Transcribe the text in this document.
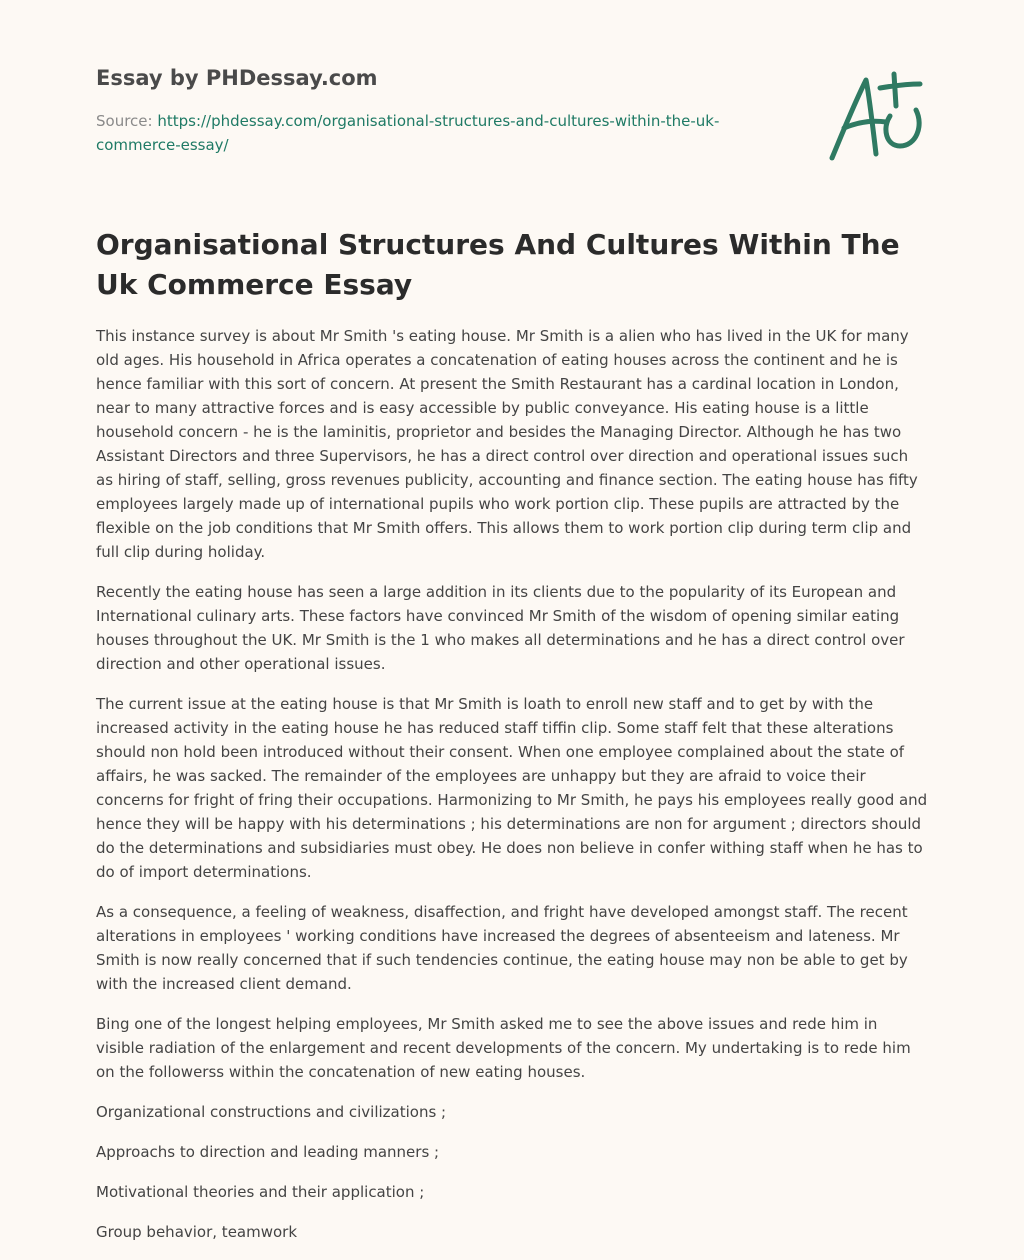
Essay by PHDessay.com
Source: https://phdessay.com/organisational-structures-and-cultures-within-the-uk-commerce-essay/
Organisational Structures And Cultures Within The Uk Commerce Essay

This instance survey is about Mr Smith 's eating house. Mr Smith is a alien who has lived in the UK for many old ages. His household in Africa operates a concatenation of eating houses across the continent and he is hence familiar with this sort of concern. At present the Smith Restaurant has a cardinal location in London, near to many attractive forces and is easy accessible by public conveyance. His eating house is a little household concern - he is the laminitis, proprietor and besides the Managing Director. Although he has two Assistant Directors and three Supervisors, he has a direct control over direction and operational issues such as hiring of staff, selling, gross revenues publicity, accounting and finance section. The eating house has fifty employees largely made up of international pupils who work portion clip. These pupils are attracted by the flexible on the job conditions that Mr Smith offers. This allows them to work portion clip during term clip and full clip during holiday.

Recently the eating house has seen a large addition in its clients due to the popularity of its European and International culinary arts. These factors have convinced Mr Smith of the wisdom of opening similar eating houses throughout the UK. Mr Smith is the 1 who makes all determinations and he has a direct control over direction and other operational issues.

The current issue at the eating house is that Mr Smith is loath to enroll new staff and to get by with the increased activity in the eating house he has reduced staff tiffin clip. Some staff felt that these alterations should non hold been introduced without their consent. When one employee complained about the state of affairs, he was sacked. The remainder of the employees are unhappy but they are afraid to voice their concerns for fright of fring their occupations. Harmonizing to Mr Smith, he pays his employees really good and hence they will be happy with his determinations ; his determinations are non for argument ; directors should do the determinations and subsidiaries must obey. He does non believe in confer withing staff when he has to do of import determinations.

As a consequence, a feeling of weakness, disaffection, and fright have developed amongst staff. The recent alterations in employees ' working conditions have increased the degrees of absenteeism and lateness. Mr Smith is now really concerned that if such tendencies continue, the eating house may non be able to get by with the increased client demand.

Bing one of the longest helping employees, Mr Smith asked me to see the above issues and rede him in visible radiation of the enlargement and recent developments of the concern. My undertaking is to rede him on the followerss within the concatenation of new eating houses.

Organizational constructions and civilizations ;

Approachs to direction and leading manners ;

Motivational theories and their application ;

Group behavior, teamwork
